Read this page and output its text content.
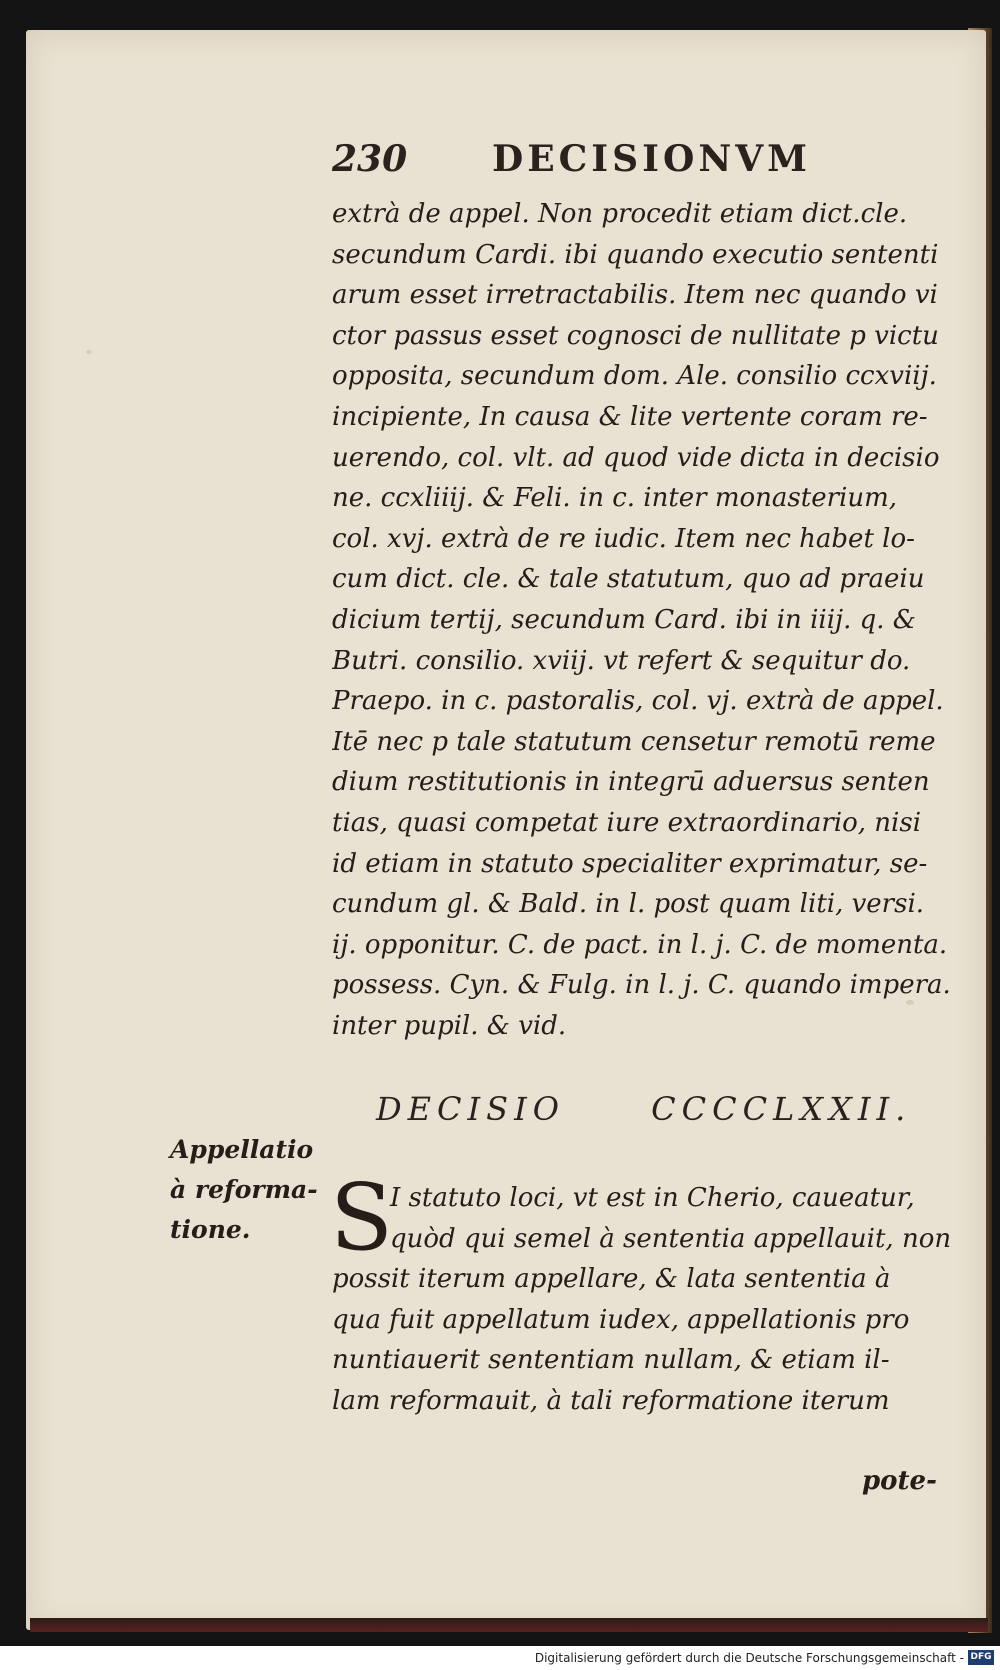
230 DECISIONVM
extrà de appel. Non procedit etiam dict.cle.
secundum Cardi. ibi quando executio sententi
arum esset irretractabilis. Item nec quando vi
ctor passus esset cognosci de nullitate p victu
opposita, secundum dom. Ale. consilio ccxviij.
incipiente, In causa & lite vertente coram re-
uerendo, col. vlt. ad quod vide dicta in decisio
ne. ccxliiij. & Feli. in c. inter monasterium,
col. xvj. extrà de re iudic. Item nec habet lo-
cum dict. cle. & tale statutum, quo ad praeiu
dicium tertij, secundum Card. ibi in iiij. q. &
Butri. consilio. xviij. vt refert & sequitur do.
Praepo. in c. pastoralis, col. vj. extrà de appel.
Itē nec p tale statutum censetur remotū reme
dium restitutionis in integrū aduersus senten
tias, quasi competat iure extraordinario, nisi
id etiam in statuto specialiter exprimatur, se-
cundum gl. & Bald. in l. post quam liti, versi.
ij. opponitur. C. de pact. in l. j. C. de momenta.
possess. Cyn. & Fulg. in l. j. C. quando impera.
inter pupil. & vid.
DECISIO	CCCCLXXII.
Appellatio
à reforma-
tione. S
I statuto loci, vt est in Cherio, caueatur,
quòd qui semel à sententia appellauit, non
possit iterum appellare, & lata sententia à
qua fuit appellatum iudex, appellationis pro
nuntiauerit sententiam nullam, & etiam il-
lam reformauit, à tali reformatione iterum
pote-
Digitalisierung gefördert durch die Deutsche Forschungsgemeinschaft - DFG
